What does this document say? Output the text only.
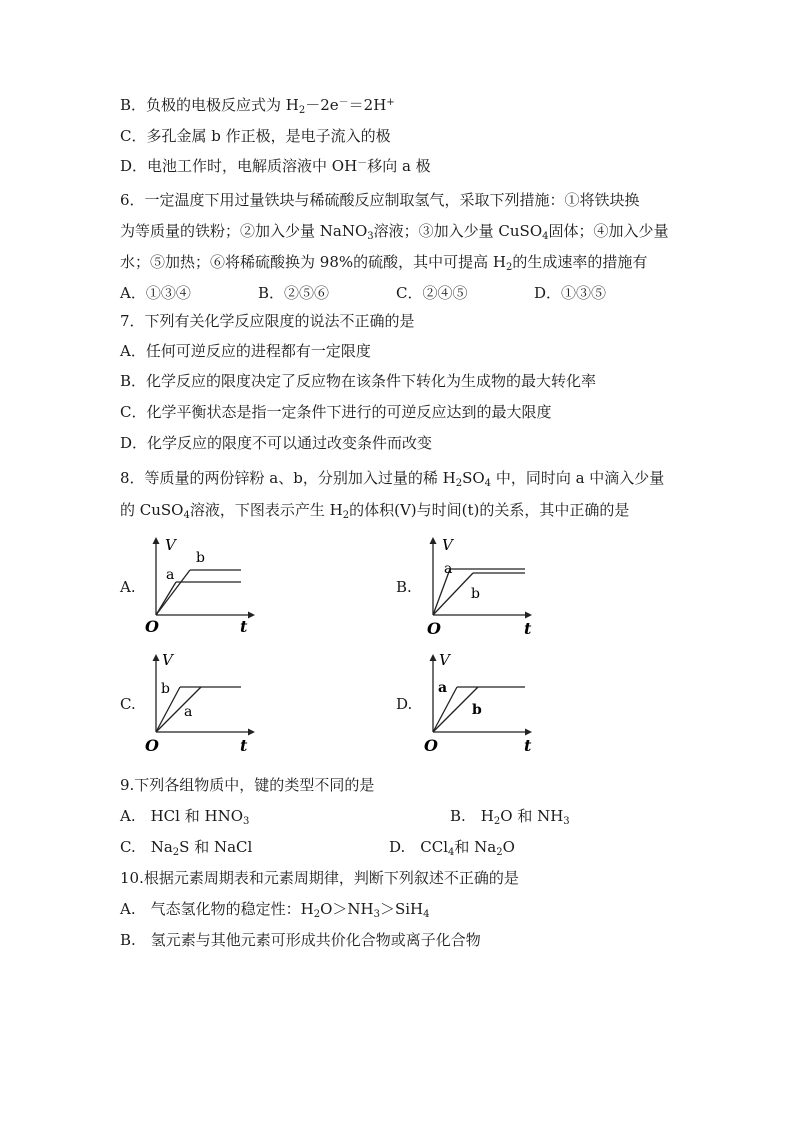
B．负极的电极反应式为 $H_2-2e^-=2H^+$
C．多孔金属 b 作正极，是电子流入的极
D．电池工作时，电解质溶液中 OH－移向 a 极
6．一定温度下用过量铁块与稀硫酸反应制取氢气，采取下列措施：①将铁块换
为等质量的铁粉；②加入少量 NaNO$_3$溶液；③加入少量 CuSO$_4$固体；④加入少量
水；⑤加热；⑥将稀硫酸换为 98%的硫酸，其中可提高 $H_2$的生成速率的措施有
A．①③④	B．②⑤⑥	C．②④⑤	D．①③⑤
7．下列有关化学反应限度的说法不正确的是
A．任何可逆反应的进程都有一定限度
B．化学反应的限度决定了反应物在该条件下转化为生成物的最大转化率
C．化学平衡状态是指一定条件下进行的可逆反应达到的最大限度
D．化学反应的限度不可以通过改变条件而改变
8．等质量的两份锌粉 a、b，分别加入过量的稀 $H_2SO_4$ 中，同时向 a 中滴入少量
的 CuSO$_4$溶液，下图表示产生 $H_2$的体积(V)与时间(t)的关系，其中正确的是
A.
a
b
O
V
t
B.
a
b
O
V
t
C.
b
a
O
V
t
D.
a
b
O
V
t
9.下列各组物质中，键的类型不同的是
A.　HCl 和 $HNO_3$	B.　$H_2O$ 和 $NH_3$
C.　$Na_2S$ 和 NaCl	D.　CCl$_4$和 $Na_2O$
10.根据元素周期表和元素周期律，判断下列叙述不正确的是
A.　气态氢化物的稳定性：$H_2O>NH_3>SiH_4$
B.　氢元素与其他元素可形成共价化合物或离子化合物
